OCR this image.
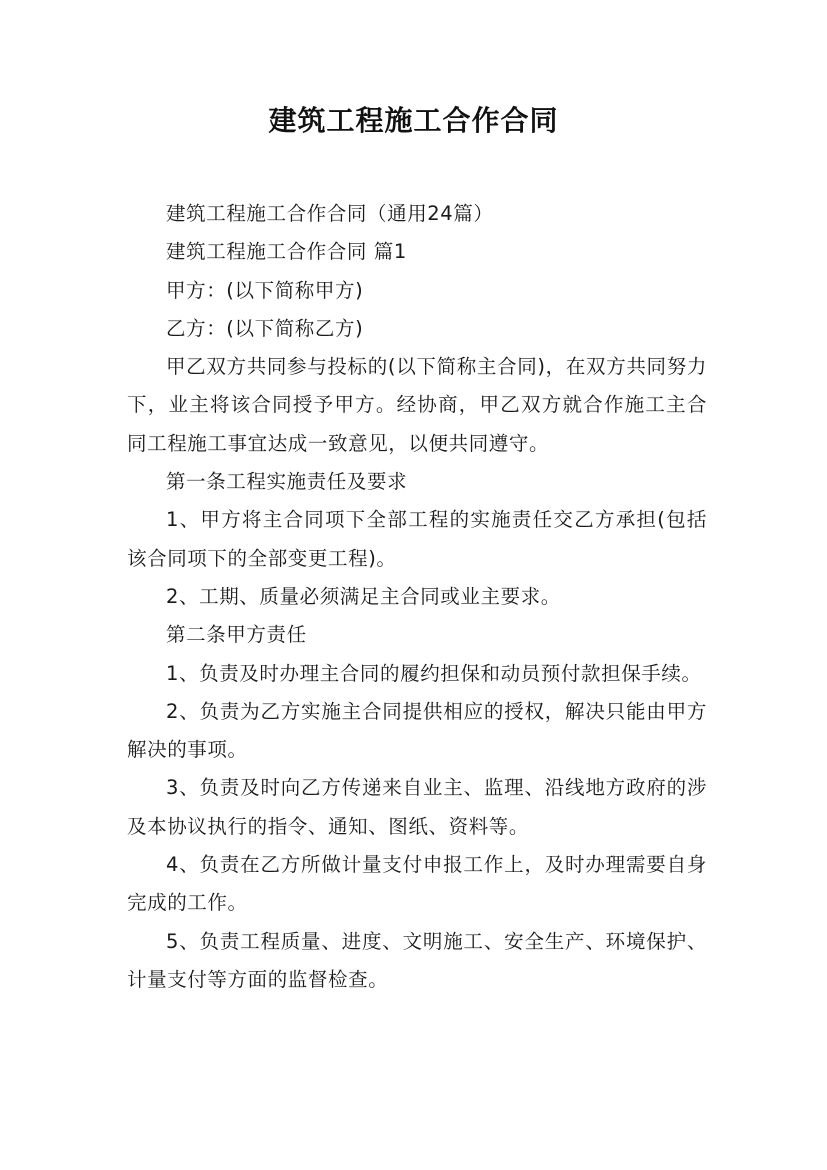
建筑工程施工合作合同

建筑工程施工合作合同（通用24篇）

建筑工程施工合作合同 篇1

甲方：(以下简称甲方)

乙方：(以下简称乙方)

甲乙双方共同参与投标的(以下简称主合同)，在双方共同努力下，业主将该合同授予甲方。经协商，甲乙双方就合作施工主合同工程施工事宜达成一致意见，以便共同遵守。

第一条工程实施责任及要求

1、甲方将主合同项下全部工程的实施责任交乙方承担(包括该合同项下的全部变更工程)。

2、工期、质量必须满足主合同或业主要求。

第二条甲方责任

1、负责及时办理主合同的履约担保和动员预付款担保手续。

2、负责为乙方实施主合同提供相应的授权，解决只能由甲方解决的事项。

3、负责及时向乙方传递来自业主、监理、沿线地方政府的涉及本协议执行的指令、通知、图纸、资料等。

4、负责在乙方所做计量支付申报工作上，及时办理需要自身完成的工作。

5、负责工程质量、进度、文明施工、安全生产、环境保护、计量支付等方面的监督检查。
